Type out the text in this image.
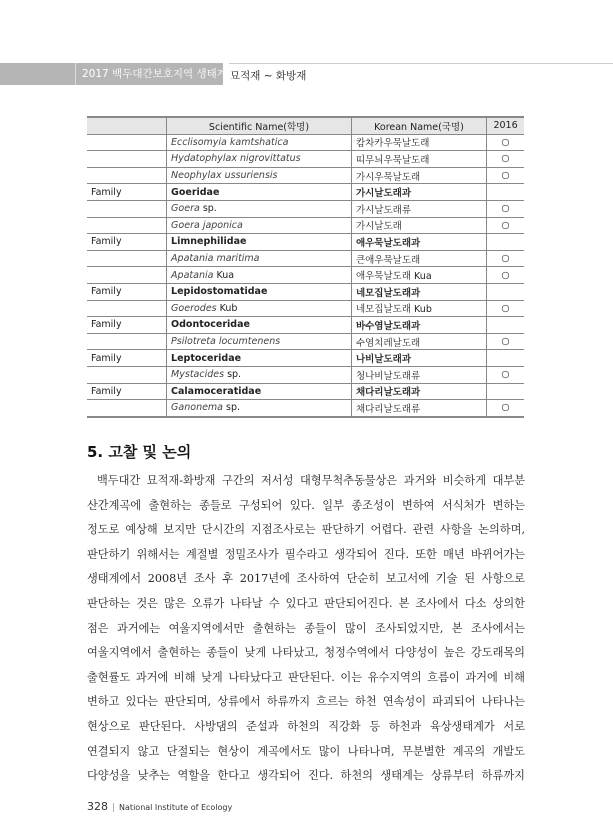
2017 백두대간보호지역 생태계 조사
묘적재 ~ 화방재
	Scientific Name(학명)	Korean Name(국명)	2016
	Ecclisomyia kamtshatica	캄차카우묵날도래	○
	Hydatophylax nigrovittatus	띠무늬우묵날도래	○
	Neophylax ussuriensis	가시우묵날도래	○
Family	Goeridae	가시날도래과	
	Goera sp.	가시날도래류	○
	Goera japonica	가시날도래	○
Family	Limnephilidae	애우묵날도래과	
	Apatania maritima	큰애우묵날도래	○
	Apatania Kua	애우묵날도래 Kua	○
Family	Lepidostomatidae	네모집날도래과	
	Goerodes Kub	네모집날도래 Kub	○
Family	Odontoceridae	바수염날도래과	
	Psilotreta locumtenens	수염치레날도래	○
Family	Leptoceridae	나비날도래과	
	Mystacides sp.	청나비날도래류	○
Family	Calamoceratidae	채다리날도래과	
	Ganonema sp.	채다리날도래류	○
5. 고찰 및 논의
백두대간 묘적재-화방재 구간의 저서성 대형무척추동물상은 과거와 비슷하게 대부분
산간계곡에 출현하는 종들로 구성되어 있다. 일부 종조성이 변하여 서식처가 변하는
정도로 예상해 보지만 단시간의 지점조사로는 판단하기 어렵다. 관련 사항을 논의하며,
판단하기 위해서는 계절별 정밀조사가 필수라고 생각되어 진다. 또한 매년 바뀌어가는
생태계에서 2008년 조사 후 2017년에 조사하여 단순히 보고서에 기술 된 사항으로
판단하는 것은 많은 오류가 나타날 수 있다고 판단되어진다. 본 조사에서 다소 상의한
점은 과거에는 여울지역에서만 출현하는 종들이 많이 조사되었지만, 본 조사에서는
여울지역에서 출현하는 종들이 낮게 나타났고, 청정수역에서 다양성이 높은 강도래목의
출현률도 과거에 비해 낮게 나타났다고 판단된다. 이는 유수지역의 흐름이 과거에 비해
변하고 있다는 판단되며, 상류에서 하류까지 흐르는 하천 연속성이 파괴되어 나타나는
현상으로 판단된다. 사방댐의 준설과 하천의 직강화 등 하천과 육상생태계가 서로
연결되지 않고 단절되는 현상이 계곡에서도 많이 나타나며, 무분별한 계곡의 개발도
다양성을 낮추는 역할을 한다고 생각되어 진다. 하천의 생태계는 상류부터 하류까지
328 | National Institute of Ecology
